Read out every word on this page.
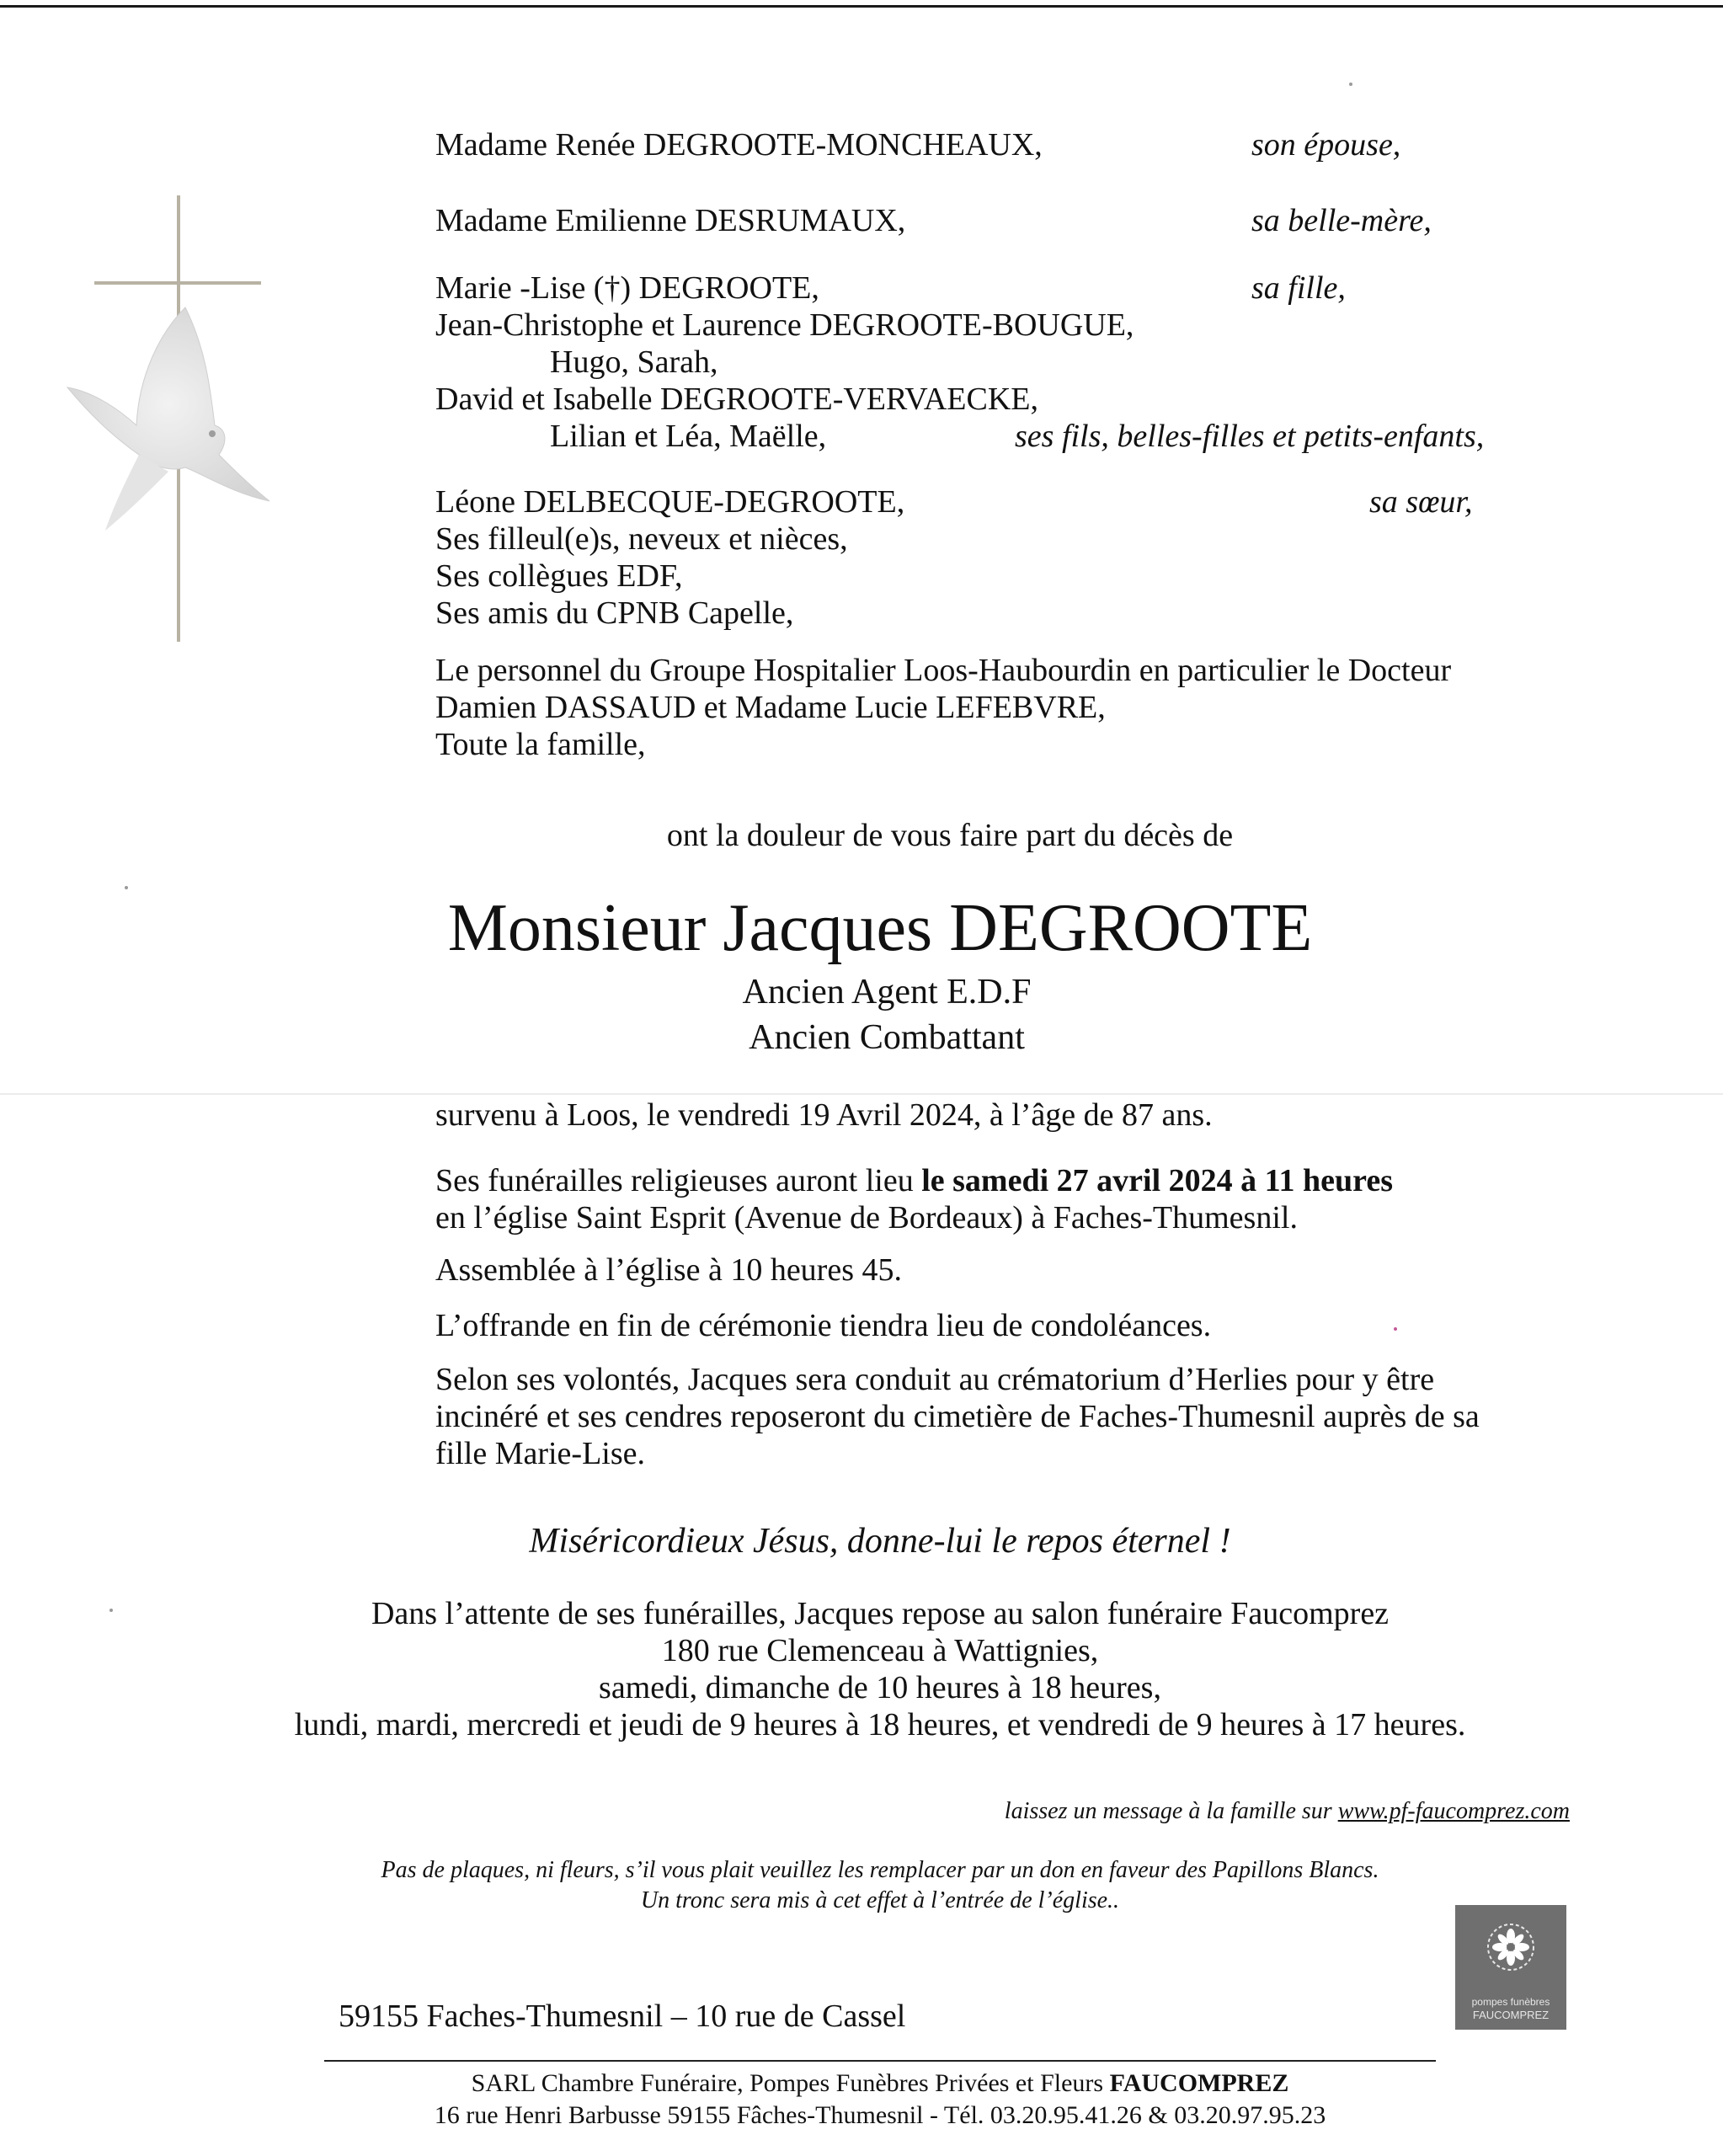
Madame Renée DEGROOTE-MONCHEAUX,	son épouse,
Madame Emilienne DESRUMAUX,	sa belle-mère,
Marie -Lise (†) DEGROOTE,	sa fille,
Jean-Christophe et Laurence DEGROOTE-BOUGUE,
Hugo, Sarah,
David et Isabelle DEGROOTE-VERVAECKE,
Lilian et Léa, Maëlle,	ses fils, belles-filles et petits-enfants,
Léone DELBECQUE-DEGROOTE,	sa sœur,
Ses filleul(e)s, neveux et nièces,
Ses collègues EDF,
Ses amis du CPNB Capelle,
Le personnel du Groupe Hospitalier Loos-Haubourdin en particulier le Docteur
Damien DASSAUD et Madame Lucie LEFEBVRE,
Toute la famille,
ont la douleur de vous faire part du décès de
Monsieur Jacques DEGROOTE
Ancien Agent E.D.F
Ancien Combattant
survenu à Loos, le vendredi 19 Avril 2024, à l’âge de 87 ans.
Ses funérailles religieuses auront lieu le samedi 27 avril 2024 à 11 heures
en l’église Saint Esprit (Avenue de Bordeaux) à Faches-Thumesnil.
Assemblée à l’église à 10 heures 45.
L’offrande en fin de cérémonie tiendra lieu de condoléances.
Selon ses volontés, Jacques sera conduit au crématorium d’Herlies pour y être
incinéré et ses cendres reposeront du cimetière de Faches-Thumesnil auprès de sa
fille Marie-Lise.
Miséricordieux Jésus, donne-lui le repos éternel !
Dans l’attente de ses funérailles, Jacques repose au salon funéraire Faucomprez
180 rue Clemenceau à Wattignies,
samedi, dimanche de 10 heures à 18 heures,
lundi, mardi, mercredi et jeudi de 9 heures à 18 heures, et vendredi de 9 heures à 17 heures.
laissez un message à la famille sur www.pf-faucomprez.com
Pas de plaques, ni fleurs, s’il vous plait veuillez les remplacer par un don en faveur des Papillons Blancs.
Un tronc sera mis à cet effet à l’entrée de l’église..
pompes funèbres
FAUCOMPREZ
59155 Faches-Thumesnil – 10 rue de Cassel
SARL Chambre Funéraire, Pompes Funèbres Privées et Fleurs FAUCOMPREZ
16 rue Henri Barbusse 59155 Fâches-Thumesnil - Tél. 03.20.95.41.26 & 03.20.97.95.23
